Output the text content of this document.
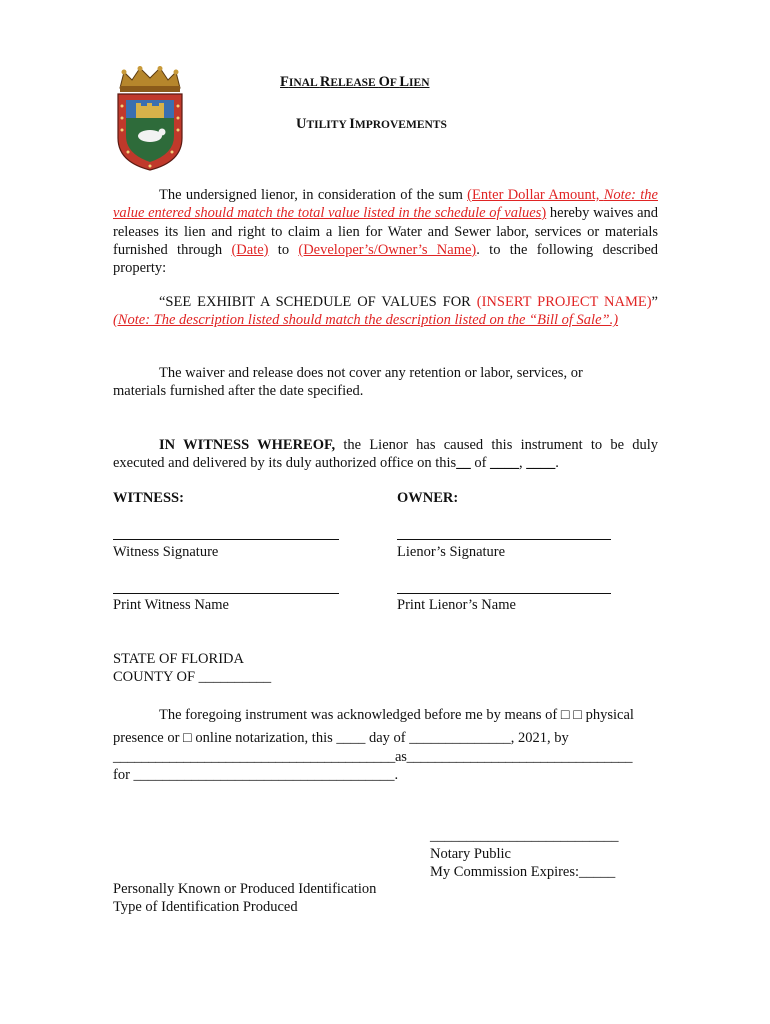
FINAL RELEASE OF LIEN
UTILITY IMPROVEMENTS
The undersigned lienor, in consideration of the sum (Enter Dollar Amount, Note: the value entered should match the total value listed in the schedule of values) hereby waives and releases its lien and right to claim a lien for Water and Sewer labor, services or materials furnished through (Date) to (Developer’s/Owner’s Name). to the following described property:
“SEE EXHIBIT A SCHEDULE OF VALUES FOR (INSERT PROJECT NAME)” (Note: The description listed should match the description listed on the “Bill of Sale”.)
The waiver and release does not cover any retention or labor, services, or
materials furnished after the date specified.
IN WITNESS WHEREOF, the Lienor has caused this instrument to be duly executed and delivered by its duly authorized office on this__ of ____, ____.
WITNESS:	OWNER:
Witness Signature	Lienor’s Signature
Print Witness Name	Print Lienor’s Name
STATE OF FLORIDA
COUNTY OF __________
The foregoing instrument was acknowledged before me by means of □ □ physical
presence or □ online notarization, this ____ day of ______________, 2021, by
________________________________________as________________________________
for ____________________________________.
__________________________
Notary Public
My Commission Expires:_____
Personally Known or Produced Identification
Type of Identification Produced
